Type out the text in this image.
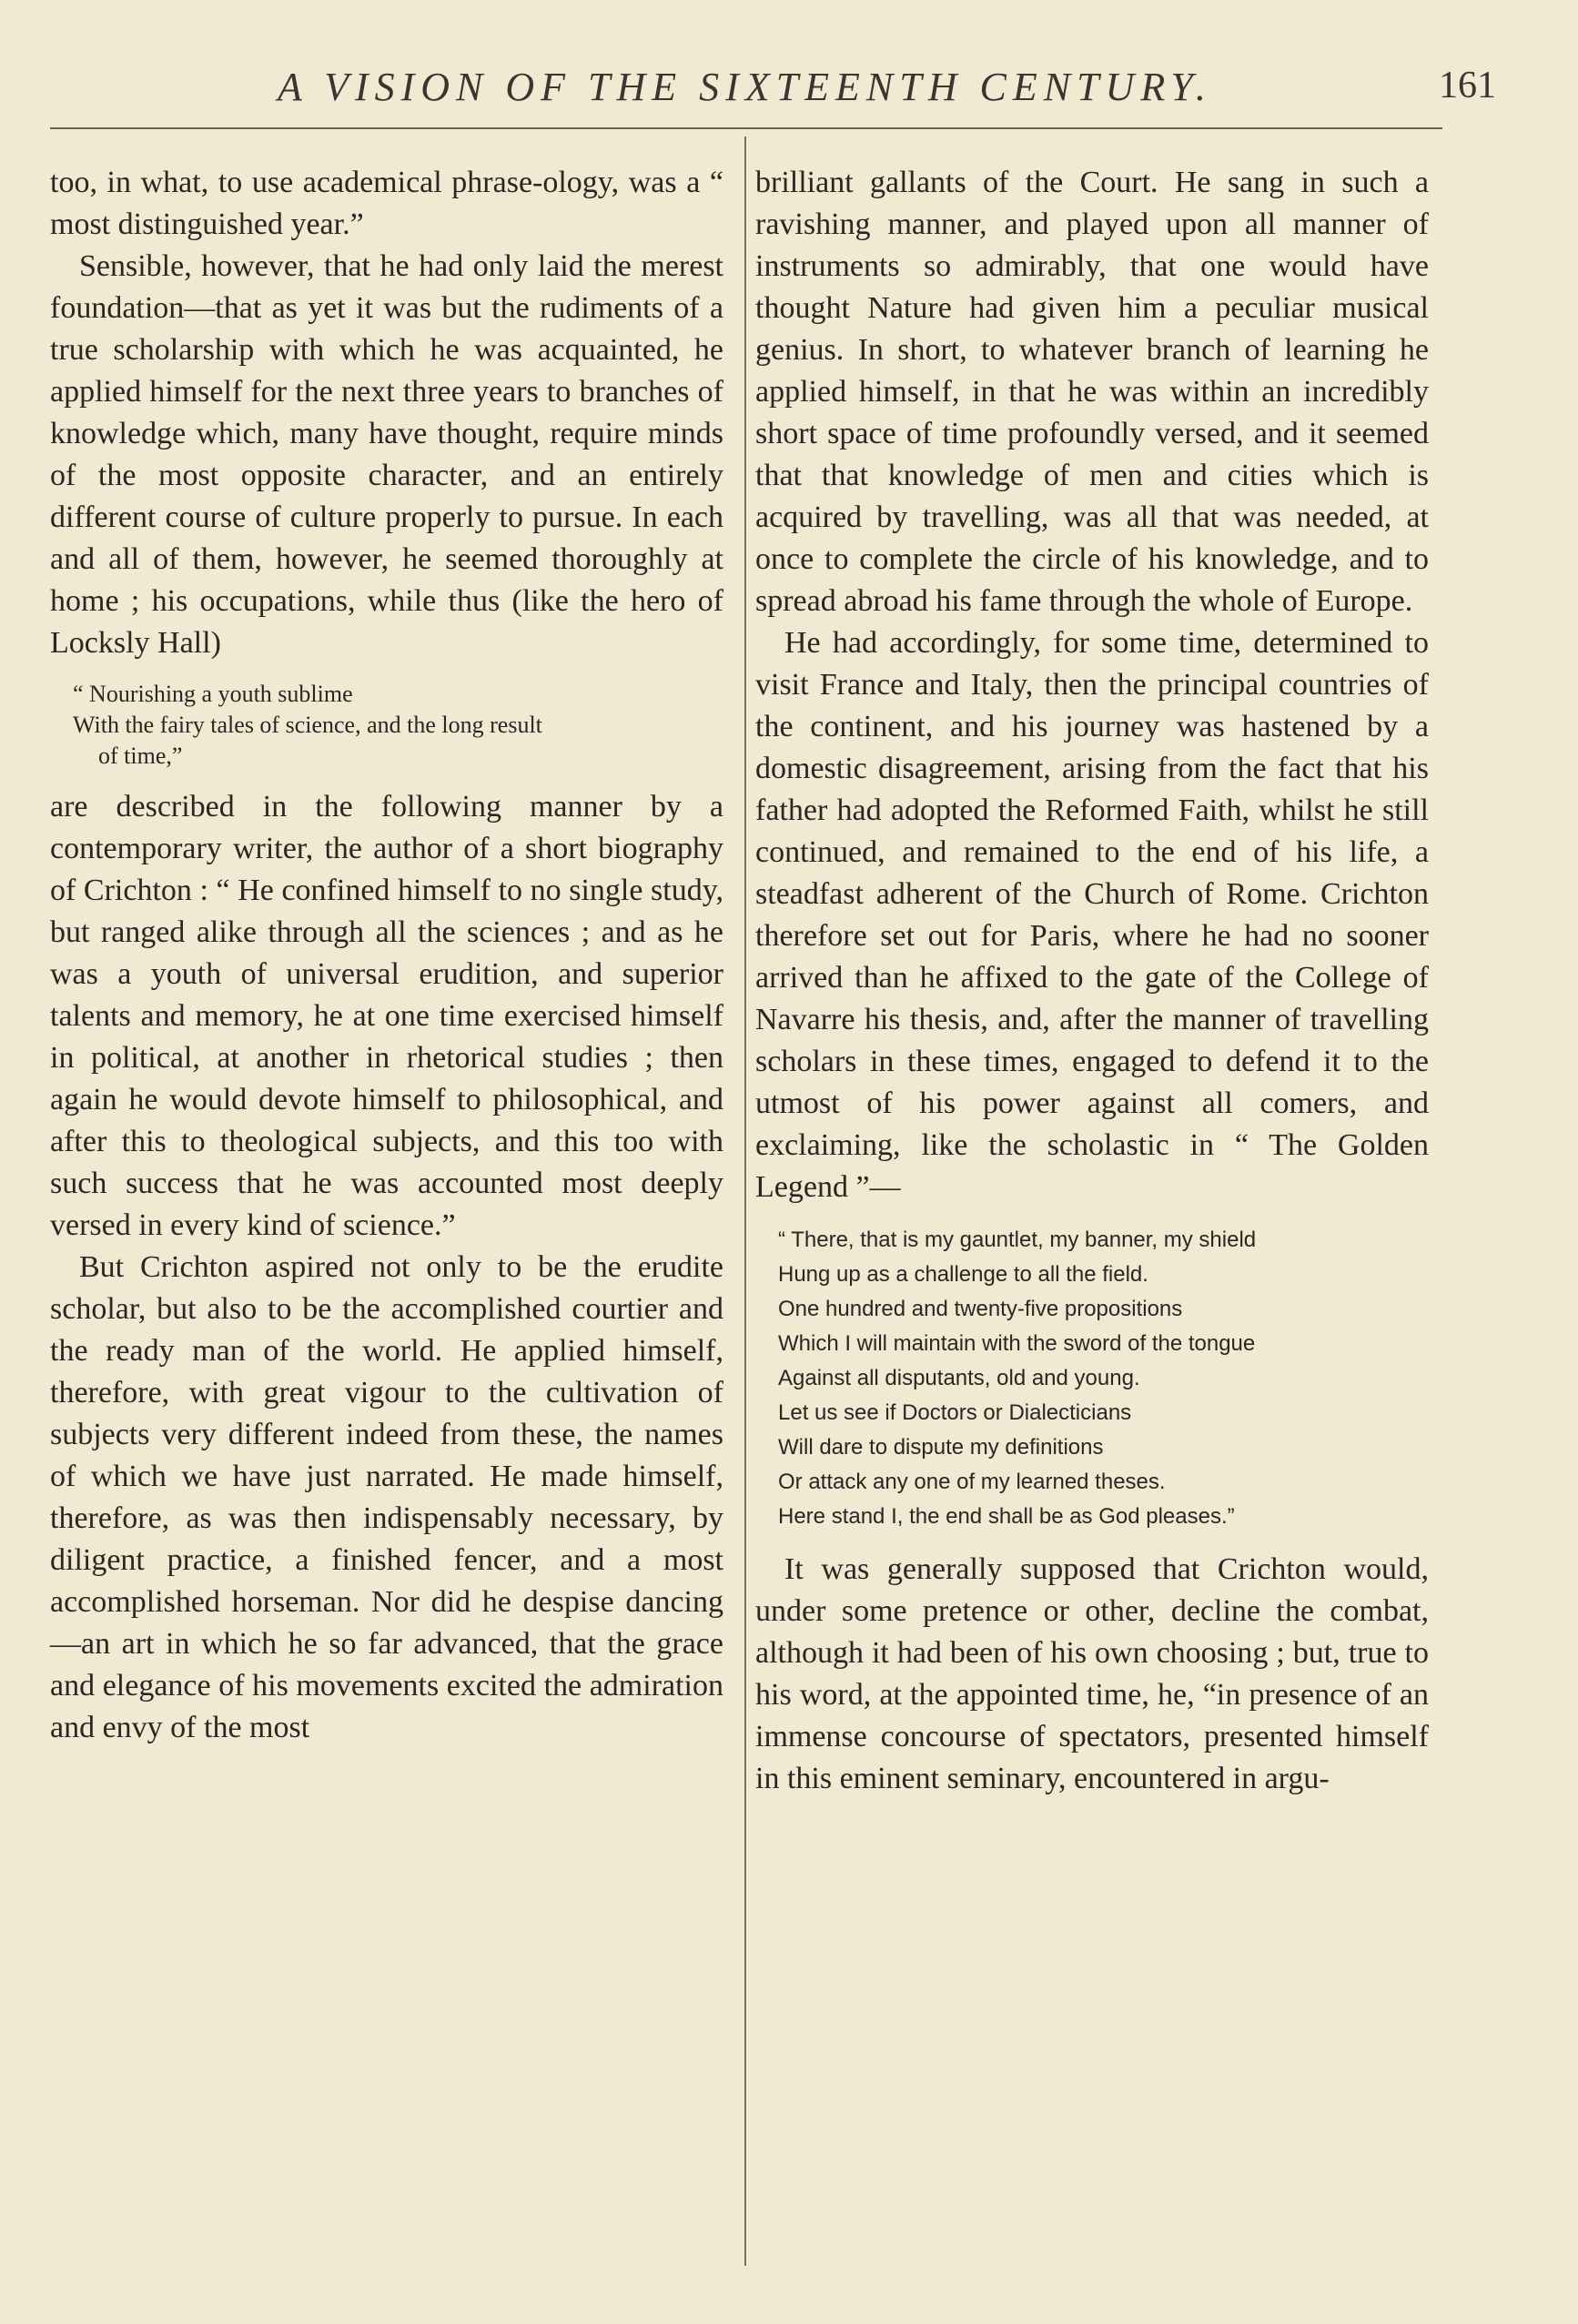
A VISION OF THE SIXTEENTH CENTURY.	161

too, in what, to use academical phrase-ology, was a “ most distinguished year.”

Sensible, however, that he had only laid the merest foundation—that as yet it was but the rudiments of a true scholarship with which he was acquainted, he applied himself for the next three years to branches of knowledge which, many have thought, require minds of the most opposite character, and an entirely different course of culture properly to pursue. In each and all of them, however, he seemed thoroughly at home ; his occupations, while thus (like the hero of Locksly Hall)

“ Nourishing a youth sublime
With the fairy tales of science, and the long result
of time,”

are described in the following manner by a contemporary writer, the author of a short biography of Crichton : “ He confined himself to no single study, but ranged alike through all the sciences ; and as he was a youth of universal erudition, and superior talents and memory, he at one time exercised himself in political, at another in rhetorical studies ; then again he would devote himself to philosophical, and after this to theological subjects, and this too with such success that he was accounted most deeply versed in every kind of science.”

But Crichton aspired not only to be the erudite scholar, but also to be the accomplished courtier and the ready man of the world. He applied himself, therefore, with great vigour to the cultivation of subjects very different indeed from these, the names of which we have just narrated. He made himself, therefore, as was then indispensably necessary, by diligent practice, a finished fencer, and a most accomplished horseman. Nor did he despise dancing—an art in which he so far advanced, that the grace and elegance of his movements excited the admiration and envy of the most

brilliant gallants of the Court. He sang in such a ravishing manner, and played upon all manner of instruments so admirably, that one would have thought Nature had given him a peculiar musical genius. In short, to whatever branch of learning he applied himself, in that he was within an incredibly short space of time profoundly versed, and it seemed that that knowledge of men and cities which is acquired by travelling, was all that was needed, at once to complete the circle of his knowledge, and to spread abroad his fame through the whole of Europe.

He had accordingly, for some time, determined to visit France and Italy, then the principal countries of the continent, and his journey was hastened by a domestic disagreement, arising from the fact that his father had adopted the Reformed Faith, whilst he still continued, and remained to the end of his life, a steadfast adherent of the Church of Rome. Crichton therefore set out for Paris, where he had no sooner arrived than he affixed to the gate of the College of Navarre his thesis, and, after the manner of travelling scholars in these times, engaged to defend it to the utmost of his power against all comers, and exclaiming, like the scholastic in “ The Golden Legend ”—

“ There, that is my gauntlet, my banner, my shield
Hung up as a challenge to all the field.
One hundred and twenty-five propositions
Which I will maintain with the sword of the tongue
Against all disputants, old and young.
Let us see if Doctors or Dialecticians
Will dare to dispute my definitions
Or attack any one of my learned theses.
Here stand I, the end shall be as God pleases.”

It was generally supposed that Crichton would, under some pretence or other, decline the combat, although it had been of his own choosing ; but, true to his word, at the appointed time, he, “in presence of an immense concourse of spectators, presented himself in this eminent seminary, encountered in argu-
